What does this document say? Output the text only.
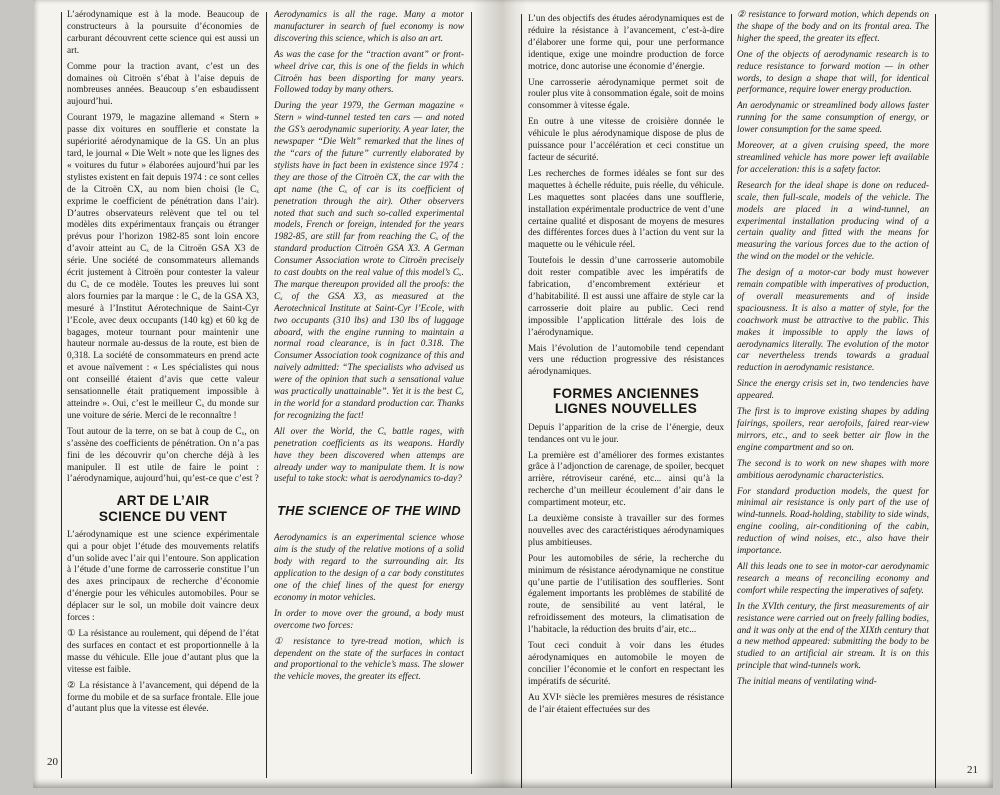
L’aérodynamique est à la mode. Beaucoup de constructeurs à la poursuite d’économies de carburant découvrent cette science qui est aussi un art.

Comme pour la traction avant, c’est un des domaines où Citroën s’ébat à l’aise depuis de nombreuses années. Beaucoup s’en esbaudissent aujourd’hui.

Courant 1979, le magazine allemand « Stern » passe dix voitures en soufflerie et constate la supériorité aérodynamique de la GS. Un an plus tard, le journal « Die Welt » note que les lignes des « voitures du futur » élaborées aujourd’hui par les stylistes existent en fait depuis 1974 : ce sont celles de la Citroën CX, au nom bien choisi (le Cₓ exprime le coefficient de pénétration dans l’air). D’autres observateurs relèvent que tel ou tel modèles dits expérimentaux français ou étranger prévus pour l’horizon 1982-85 sont loin encore d’avoir atteint au Cₓ de la Citroën GSA X3 de série. Une société de consommateurs allemands écrit justement à Citroën pour contester la valeur du Cₓ de ce modèle. Toutes les preuves lui sont alors fournies par la marque : le Cₓ de la GSA X3, mesuré à l’Institut Aérotechnique de Saint-Cyr l’Ecole, avec deux occupants (140 kg) et 60 kg de bagages, moteur tournant pour maintenir une hauteur normale au-dessus de la route, est bien de 0,318. La société de consommateurs en prend acte et avoue naïvement : « Les spécialistes qui nous ont conseillé étaient d’avis que cette valeur sensationnelle était pratiquement impossible à atteindre ». Oui, c’est le meilleur Cₓ du monde sur une voiture de série. Merci de le reconnaître !

Tout autour de la terre, on se bat à coup de Cₓ, on s’assène des coefficients de pénétration. On n’a pas fini de les découvrir qu’on cherche déjà à les manipuler. Il est utile de faire le point : l’aérodynamique, aujourd’hui, qu’est-ce que c’est ?

ART DE L’AIR
SCIENCE DU VENT

L’aérodynamique est une science expérimentale qui a pour objet l’étude des mouvements relatifs d’un solide avec l’air qui l’entoure. Son application à l’étude d’une forme de carrosserie constitue l’un des axes principaux de recherche d’économie d’énergie pour les véhicules automobiles. Pour se déplacer sur le sol, un mobile doit vaincre deux forces :

① La résistance au roulement, qui dépend de l’état des surfaces en contact et est proportionnelle à la masse du véhicule. Elle joue d’autant plus que la vitesse est faible.

② La résistance à l’avancement, qui dépend de la forme du mobile et de sa surface frontale. Elle joue d’autant plus que la vitesse est élevée.

Aerodynamics is all the rage. Many a motor manufacturer in search of fuel economy is now discovering this science, which is also an art.

As was the case for the “traction avant” or front-wheel drive car, this is one of the fields in which Citroën has been disporting for many years. Followed today by many others.

During the year 1979, the German magazine « Stern » wind-tunnel tested ten cars — and noted the GS’s aerodynamic superiority. A year later, the newspaper “Die Welt” remarked that the lines of the “cars of the future” currently elaborated by stylists have in fact been in existence since 1974 : they are those of the Citroën CX, the car with the apt name (the Cₓ of car is its coefficient of penetration through the air). Other observers noted that such and such so-called experimental models, French or foreign, intended for the years 1982-85, are still far from reaching the Cₓ of the standard production Citroën GSA X3. A German Consumer Association wrote to Citroën precisely to cast doubts on the real value of this model’s Cₓ. The marque thereupon provided all the proofs: the Cₓ of the GSA X3, as measured at the Aerotechnical Institute at Saint-Cyr l’Ecole, with two occupants (310 lbs) and 130 lbs of luggage aboard, with the engine running to maintain a normal road clearance, is in fact 0.318. The Consumer Association took cognizance of this and naively admitted: “The specialists who advised us were of the opinion that such a sensational value was practically unattainable”. Yet it is the best Cₓ in the world for a standard production car. Thanks for recognizing the fact!

All over the World, the Cₓ battle rages, with penetration coefficients as its weapons. Hardly have they been discovered when attemps are already under way to manipulate them. It is now useful to take stock: what is aerodynamics to-day?

THE SCIENCE OF THE WIND

Aerodynamics is an experimental science whose aim is the study of the relative motions of a solid body with regard to the surrounding air. Its application to the design of a car body constitutes one of the chief lines of the quest for energy economy in motor vehicles.

In order to move over the ground, a body must overcome two forces:

① resistance to tyre-tread motion, which is dependent on the state of the surfaces in contact and proportional to the vehicle’s mass. The slower the vehicle moves, the greater its effect.

L’un des objectifs des études aérodynamiques est de réduire la résistance à l’avancement, c’est-à-dire d’élaborer une forme qui, pour une performance identique, exige une moindre production de force motrice, donc autorise une économie d’énergie.

Une carrosserie aérodynamique permet soit de rouler plus vite à consommation égale, soit de moins consommer à vitesse égale.

En outre à une vitesse de croisière donnée le véhicule le plus aérodynamique dispose de plus de puissance pour l’accélération et ceci constitue un facteur de sécurité.

Les recherches de formes idéales se font sur des maquettes à échelle réduite, puis réelle, du véhicule. Les maquettes sont placées dans une soufflerie, installation expérimentale productrice de vent d’une certaine qualité et disposant de moyens de mesures des différentes forces dues à l’action du vent sur la maquette ou le véhicule réel.

Toutefois le dessin d’une carrosserie automobile doit rester compatible avec les impératifs de fabrication, d’encombrement extérieur et d’habitabilité. Il est aussi une affaire de style car la carrosserie doit plaire au public. Ceci rend impossible l’application littérale des lois de l’aérodynamique.

Mais l’évolution de l’automobile tend cependant vers une réduction progressive des résistances aérodynamiques.

FORMES ANCIENNES
LIGNES NOUVELLES

Depuis l’apparition de la crise de l’énergie, deux tendances ont vu le jour.

La première est d’améliorer des formes existantes grâce à l’adjonction de carenage, de spoiler, becquet arrière, rétroviseur caréné, etc... ainsi qu’à la recherche d’un meilleur écoulement d’air dans le compartiment moteur, etc.

La deuxième consiste à travailler sur des formes nouvelles avec des caractéristiques aérodynamiques plus ambitieuses.

Pour les automobiles de série, la recherche du minimum de résistance aérodynamique ne constitue qu’une partie de l’utilisation des souffleries. Sont également importants les problèmes de stabilité de route, de sensibilité au vent latéral, le refroidissement des moteurs, la climatisation de l’habitacle, la réduction des bruits d’air, etc...

Tout ceci conduit à voir dans les études aérodynamiques en automobile le moyen de concilier l’économie et le confort en respectant les impératifs de sécurité.

Au XVIᵉ siècle les premières mesures de résistance de l’air étaient effectuées sur des

② resistance to forward motion, which depends on the shape of the body and on its frontal area. The higher the speed, the greater its effect.

One of the objects of aerodynamic research is to reduce resistance to forward motion — in other words, to design a shape that will, for identical performance, require lower energy production.

An aerodynamic or streamlined body allows faster running for the same consumption of energy, or lower consumption for the same speed.

Moreover, at a given cruising speed, the more streamlined vehicle has more power left available for acceleration: this is a safety factor.

Research for the ideal shape is done on reduced-scale, then full-scale, models of the vehicle. The models are placed in a wind-tunnel, an experimental installation producing wind of a certain quality and fitted with the means for measuring the various forces due to the action of the wind on the model or the vehicle.

The design of a motor-car body must however remain compatible with imperatives of production, of overall measurements and of inside spaciousness. It is also a matter of style, for the coachwork must be attractive to the public. This makes it impossible to apply the laws of aerodynamics literally. The evolution of the motor car nevertheless trends towards a gradual reduction in aerodynamic resistance.

Since the energy crisis set in, two tendencies have appeared.

The first is to improve existing shapes by adding fairings, spoilers, rear aerofoils, faired rear-view mirrors, etc., and to seek better air flow in the engine compartment and so on.

The second is to work on new shapes with more ambitious aerodynamic characteristics.

For standard production models, the quest for minimal air resistance is only part of the use of wind-tunnels. Road-holding, stability to side winds, engine cooling, air-conditioning of the cabin, reduction of wind noises, etc., also have their importance.

All this leads one to see in motor-car aerodynamic research a means of reconciling economy and comfort while respecting the imperatives of safety.

In the XVIth century, the first measurements of air resistance were carried out on freely falling bodies, and it was only at the end of the XIXth century that a new method appeared: submitting the body to be studied to an artificial air stream. It is on this principle that wind-tunnels work.

The initial means of ventilating wind-

20
21
